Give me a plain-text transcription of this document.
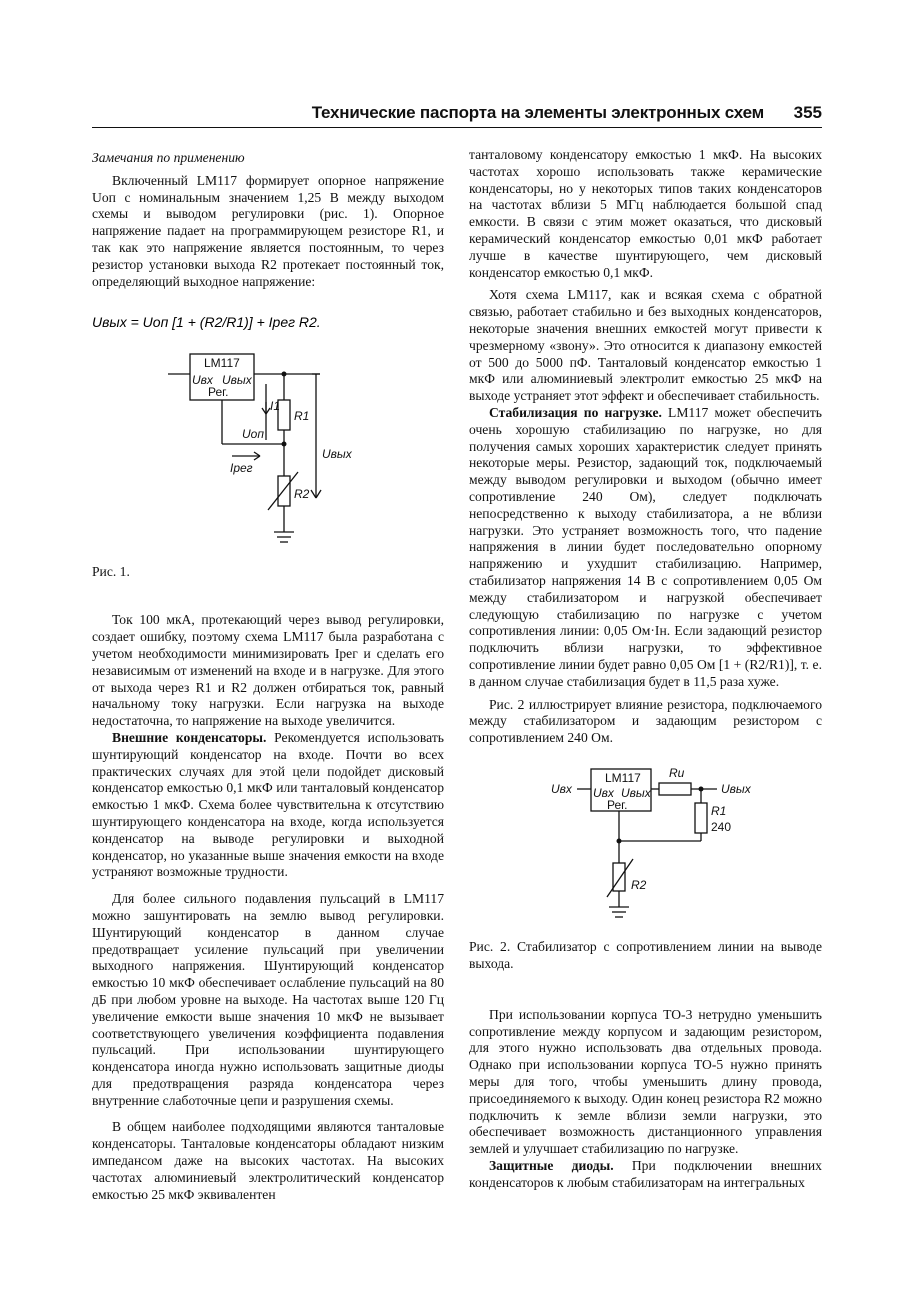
Технические паспорта на элементы электронных схем 355

Замечания по применению

Включенный LM117 формирует опорное напряжение Uоп с номинальным значением 1,25 В между выходом схемы и выводом регулировки (рис. 1). Опорное напряжение падает на программирующем резисторе R1, и так как это напряжение является постоянным, то через резистор установки выхода R2 протекает постоянный ток, определяющий выходное напряжение:

Uвых = Uоп [1 + (R2/R1)] + Iрег R2.
LM117
Uвх Uвых
Рег.
I1
R1
Uоп
Uвых
Iрег
R2

Рис. 1.

Ток 100 мкА, протекающий через вывод регулировки, создает ошибку, поэтому схема LM117 была разработана с учетом необходимости минимизировать Iрег и сделать его независимым от изменений на входе и в нагрузке. Для этого от выхода через R1 и R2 должен отбираться ток, равный начальному току нагрузки. Если нагрузка на выходе недостаточна, то напряжение на выходе увеличится.

Внешние конденсаторы. Рекомендуется использовать шунтирующий конденсатор на входе. Почти во всех практических случаях для этой цели подойдет дисковый конденсатор емкостью 0,1 мкФ или танталовый конденсатор емкостью 1 мкФ. Схема более чувствительна к отсутствию шунтирующего конденсатора на входе, когда используется конденсатор на выводе регулировки и выходной конденсатор, но указанные выше значения емкости на входе устраняют возможные трудности.

Для более сильного подавления пульсаций в LM117 можно зашунтировать на землю вывод регулировки. Шунтирующий конденсатор в данном случае предотвращает усиление пульсаций при увеличении выходного напряжения. Шунтирующий конденсатор емкостью 10 мкФ обеспечивает ослабление пульсаций на 80 дБ при любом уровне на выходе. На частотах выше 120 Гц увеличение емкости выше значения 10 мкФ не вызывает соответствующего увеличения коэффициента подавления пульсаций. При использовании шунтирующего конденсатора иногда нужно использовать защитные диоды для предотвращения разряда конденсатора через внутренние слаботочные цепи и разрушения схемы.

В общем наиболее подходящими являются танталовые конденсаторы. Танталовые конденсаторы обладают низким импедансом даже на высоких частотах. На высоких частотах алюминиевый электролитический конденсатор емкостью 25 мкФ эквивалентен

танталовому конденсатору емкостью 1 мкФ. На высоких частотах хорошо использовать также керамические конденсаторы, но у некоторых типов таких конденсаторов на частотах вблизи 5 МГц наблюдается большой спад емкости. В связи с этим может оказаться, что дисковый керамический конденсатор емкостью 0,01 мкФ работает лучше в качестве шунтирующего, чем дисковый конденсатор емкостью 0,1 мкФ.

Хотя схема LM117, как и всякая схема с обратной связью, работает стабильно и без выходных конденсаторов, некоторые значения внешних емкостей могут привести к чрезмерному «звону». Это относится к диапазону емкостей от 500 до 5000 пФ. Танталовый конденсатор емкостью 1 мкФ или алюминиевый электролит емкостью 25 мкФ на выходе устраняет этот эффект и обеспечивает стабильность.

Стабилизация по нагрузке. LM117 может обеспечить очень хорошую стабилизацию по нагрузке, но для получения самых хороших характеристик следует принять некоторые меры. Резистор, задающий ток, подключаемый между выводом регулировки и выходом (обычно имеет сопротивление 240 Ом), следует подключать непосредственно к выходу стабилизатора, а не вблизи нагрузки. Это устраняет возможность того, что падение напряжения в линии будет последовательно опорному напряжению и ухудшит стабилизацию. Например, стабилизатор напряжения 14 В с сопротивлением 0,05 Ом между стабилизатором и нагрузкой обеспечивает следующую стабилизацию по нагрузке с учетом сопротивления линии: 0,05 Ом·Iн. Если задающий резистор подключить вблизи нагрузки, то эффективное сопротивление линии будет равно 0,05 Ом [1 + (R2/R1)], т. е. в данном случае стабилизация будет в 11,5 раза хуже.

Рис. 2 иллюстрирует влияние резистора, подключаемого между стабилизатором и задающим резистором с сопротивлением 240 Ом.

LM117
Uвх Uвх Uвых
Рег.
Rи
Uвых
R1
240
R2

Рис. 2. Стабилизатор с сопротивлением линии на выводе выхода.

При использовании корпуса ТО-3 нетрудно уменьшить сопротивление между корпусом и задающим резистором, для этого нужно использовать два отдельных провода. Однако при использовании корпуса ТО-5 нужно принять меры для того, чтобы уменьшить длину провода, присоединяемого к выходу. Один конец резистора R2 можно подключить к земле вблизи земли нагрузки, это обеспечивает возможность дистанционного управления землей и улучшает стабилизацию по нагрузке.

Защитные диоды. При подключении внешних конденсаторов к любым стабилизаторам на интегральных
